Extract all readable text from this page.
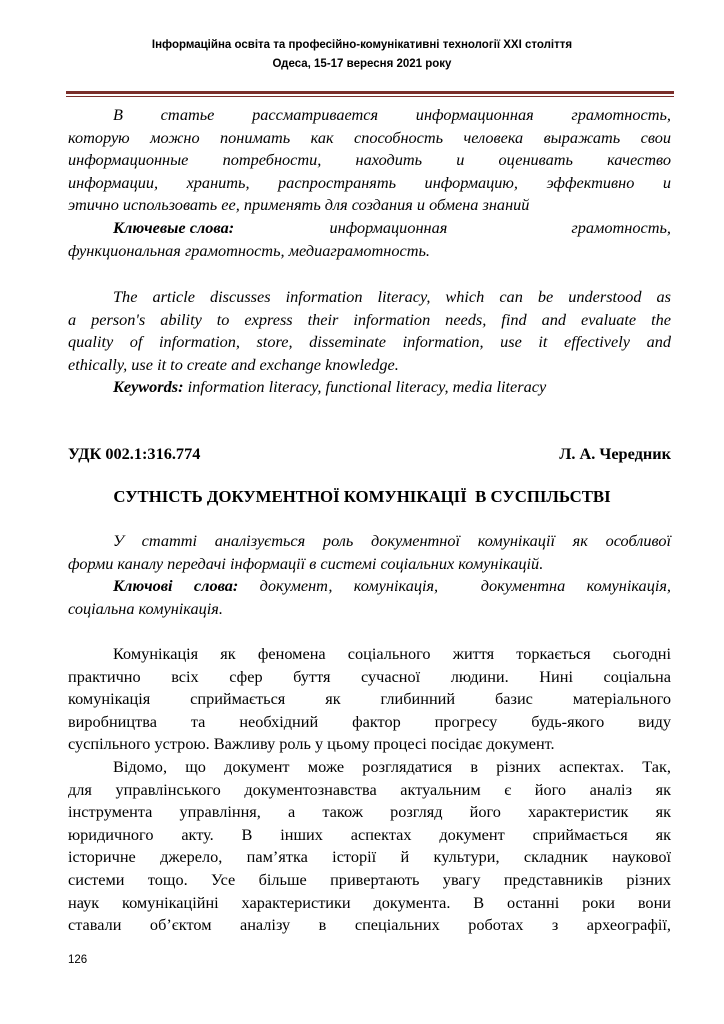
Інформаційна освіта та професійно-комунікативні технології ХХІ століття
Одеса, 15-17 вересня 2021 року
В статье рассматривается информационная грамотность,
которую можно понимать как способность человека выражать свои
информационные потребности, находить и оценивать качество
информации, хранить, распространять информацию, эффективно и
этично использовать ее, применять для создания и обмена знаний
Ключевые слова:	информационная грамотность,
функциональная грамотность, медиаграмотность.
The article discusses information literacy, which can be understood as
a person's ability to express their information needs, find and evaluate the
quality of information, store, disseminate information, use it effectively and
ethically, use it to create and exchange knowledge.
Keywords: information literacy, functional literacy, media literacy
УДК 002.1:316.774	Л. А. Чередник
СУТНІСТЬ ДОКУМЕНТНОЇ КОМУНІКАЦІЇ  В СУСПІЛЬСТВІ
У статті аналізується роль документної комунікації як особливої
форми каналу передачі інформації в системі соціальних комунікацій.
Ключові слова: документ, комунікація,  документна комунікація,
соціальна комунікація.
Комунікація як феномена соціального життя торкається сьогодні
практично всіх сфер буття сучасної людини. Нині соціальна
комунікація сприймається як глибинний базис матеріального
виробництва та необхідний фактор прогресу будь-якого виду
суспільного устрою. Важливу роль у цьому процесі посідає документ.
Відомо, що документ може розглядатися в різних аспектах. Так,
для управлінського документознавства актуальним є його аналіз як
інструмента управління, а також розгляд його характеристик як
юридичного акту. В інших аспектах документ сприймається як
історичне джерело, пам’ятка історії й культури, складник наукової
системи тощо. Усе більше привертають увагу представників різних
наук комунікаційні характеристики документа. В останні роки вони
ставали об’єктом аналізу в спеціальних роботах з археографії,
126
